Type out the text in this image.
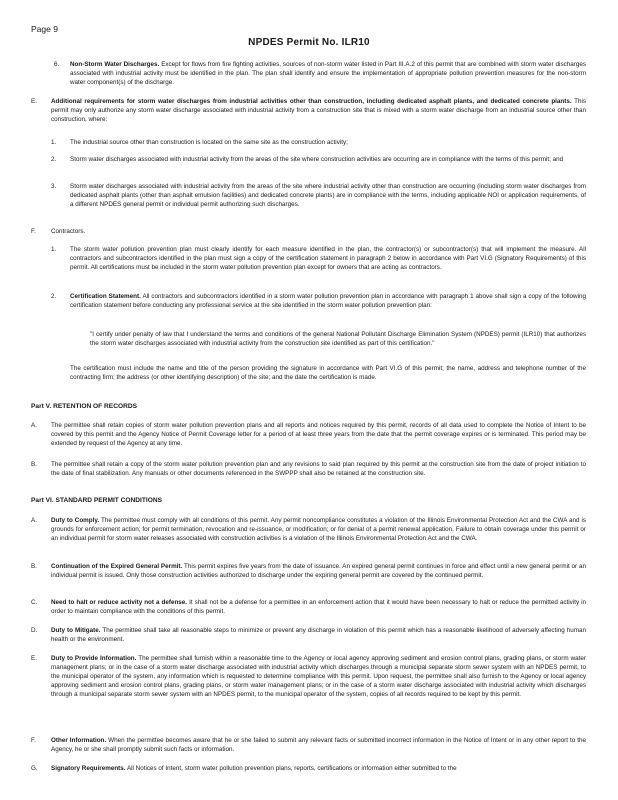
Page 9
NPDES Permit No. ILR10
6. Non-Storm Water Discharges. Except for flows from fire fighting activities, sources of non-storm water listed in Part III.A.2 of this permit that are combined with storm water discharges associated with industrial activity must be identified in the plan. The plan shall identify and ensure the implementation of appropriate pollution prevention measures for the non-storm water component(s) of the discharge.
E. Additional requirements for storm water discharges from industrial activities other than construction, including dedicated asphalt plants, and dedicated concrete plants. This permit may only authorize any storm water discharge associated with industrial activity from a construction site that is mixed with a storm water discharge from an industrial source other than construction, where:
1. The industrial source other than construction is located on the same site as the construction activity;
2. Storm water discharges associated with industrial activity from the areas of the site where construction activities are occurring are in compliance with the terms of this permit; and
3. Storm water discharges associated with industrial activity from the areas of the site where industrial activity other than construction are occurring (including storm water discharges from dedicated asphalt plants (other than asphalt emulsion facilities) and dedicated concrete plants) are in compliance with the terms, including applicable NOI or application requirements, of a different NPDES general permit or individual permit authorizing such discharges.
F. Contractors.
1. The storm water pollution prevention plan must clearly identify for each measure identified in the plan, the contractor(s) or subcontractor(s) that will implement the measure. All contractors and subcontractors identified in the plan must sign a copy of the certification statement in paragraph 2 below in accordance with Part VI.G (Signatory Requirements) of this permit. All certifications must be included in the storm water pollution prevention plan except for owners that are acting as contractors.
2. Certification Statement. All contractors and subcontractors identified in a storm water pollution prevention plan in accordance with paragraph 1 above shall sign a copy of the following certification statement before conducting any professional service at the site identified in the storm water pollution prevention plan:
"I certify under penalty of law that I understand the terms and conditions of the general National Pollutant Discharge Elimination System (NPDES) permit (ILR10) that authorizes the storm water discharges associated with industrial activity from the construction site identified as part of this certification."
The certification must include the name and title of the person providing the signature in accordance with Part VI.G of this permit; the name, address and telephone number of the contracting firm; the address (or other identifying description) of the site; and the date the certification is made.
Part V. RETENTION OF RECORDS
A. The permittee shall retain copies of storm water pollution prevention plans and all reports and notices required by this permit, records of all data used to complete the Notice of Intent to be covered by this permit and the Agency Notice of Permit Coverage letter for a period of at least three years from the date that the permit coverage expires or is terminated. This period may be extended by request of the Agency at any time.
B. The permittee shall retain a copy of the storm water pollution prevention plan and any revisions to said plan required by this permit at the construction site from the date of project initiation to the date of final stabilization. Any manuals or other documents referenced in the SWPPP shall also be retained at the construction site.
Part VI. STANDARD PERMIT CONDITIONS
A. Duty to Comply. The permittee must comply with all conditions of this permit. Any permit noncompliance constitutes a violation of the Illinois Environmental Protection Act and the CWA and is grounds for enforcement action; for permit termination, revocation and re-issuance, or modification; or for denial of a permit renewal application. Failure to obtain coverage under this permit or an individual permit for storm water releases associated with construction activities is a violation of the Illinois Environmental Protection Act and the CWA.
B. Continuation of the Expired General Permit. This permit expires five years from the date of issuance. An expired general permit continues in force and effect until a new general permit or an individual permit is issued. Only those construction activities authorized to discharge under the expiring general permit are covered by the continued permit.
C. Need to halt or reduce activity not a defense. It shall not be a defense for a permittee in an enforcement action that it would have been necessary to halt or reduce the permitted activity in order to maintain compliance with the conditions of this permit.
D. Duty to Mitigate. The permittee shall take all reasonable steps to minimize or prevent any discharge in violation of this permit which has a reasonable likelihood of adversely affecting human health or the environment.
E. Duty to Provide Information. The permittee shall furnish within a reasonable time to the Agency or local agency approving sediment and erosion control plans, grading plans, or storm water management plans; or in the case of a storm water discharge associated with industrial activity which discharges through a municipal separate storm sewer system with an NPDES permit, to the municipal operator of the system, any information which is requested to determine compliance with this permit. Upon request, the permittee shall also furnish to the Agency or local agency approving sediment and erosion control plans, grading plans, or storm water management plans; or in the case of a storm water discharge associated with industrial activity which discharges through a municipal separate storm sewer system with an NPDES permit, to the municipal operator of the system, copies of all records required to be kept by this permit.
F. Other Information. When the permittee becomes aware that he or she failed to submit any relevant facts or submitted incorrect information in the Notice of Intent or in any other report to the Agency, he or she shall promptly submit such facts or information.
G. Signatory Requirements. All Notices of Intent, storm water pollution prevention plans, reports, certifications or information either submitted to the
